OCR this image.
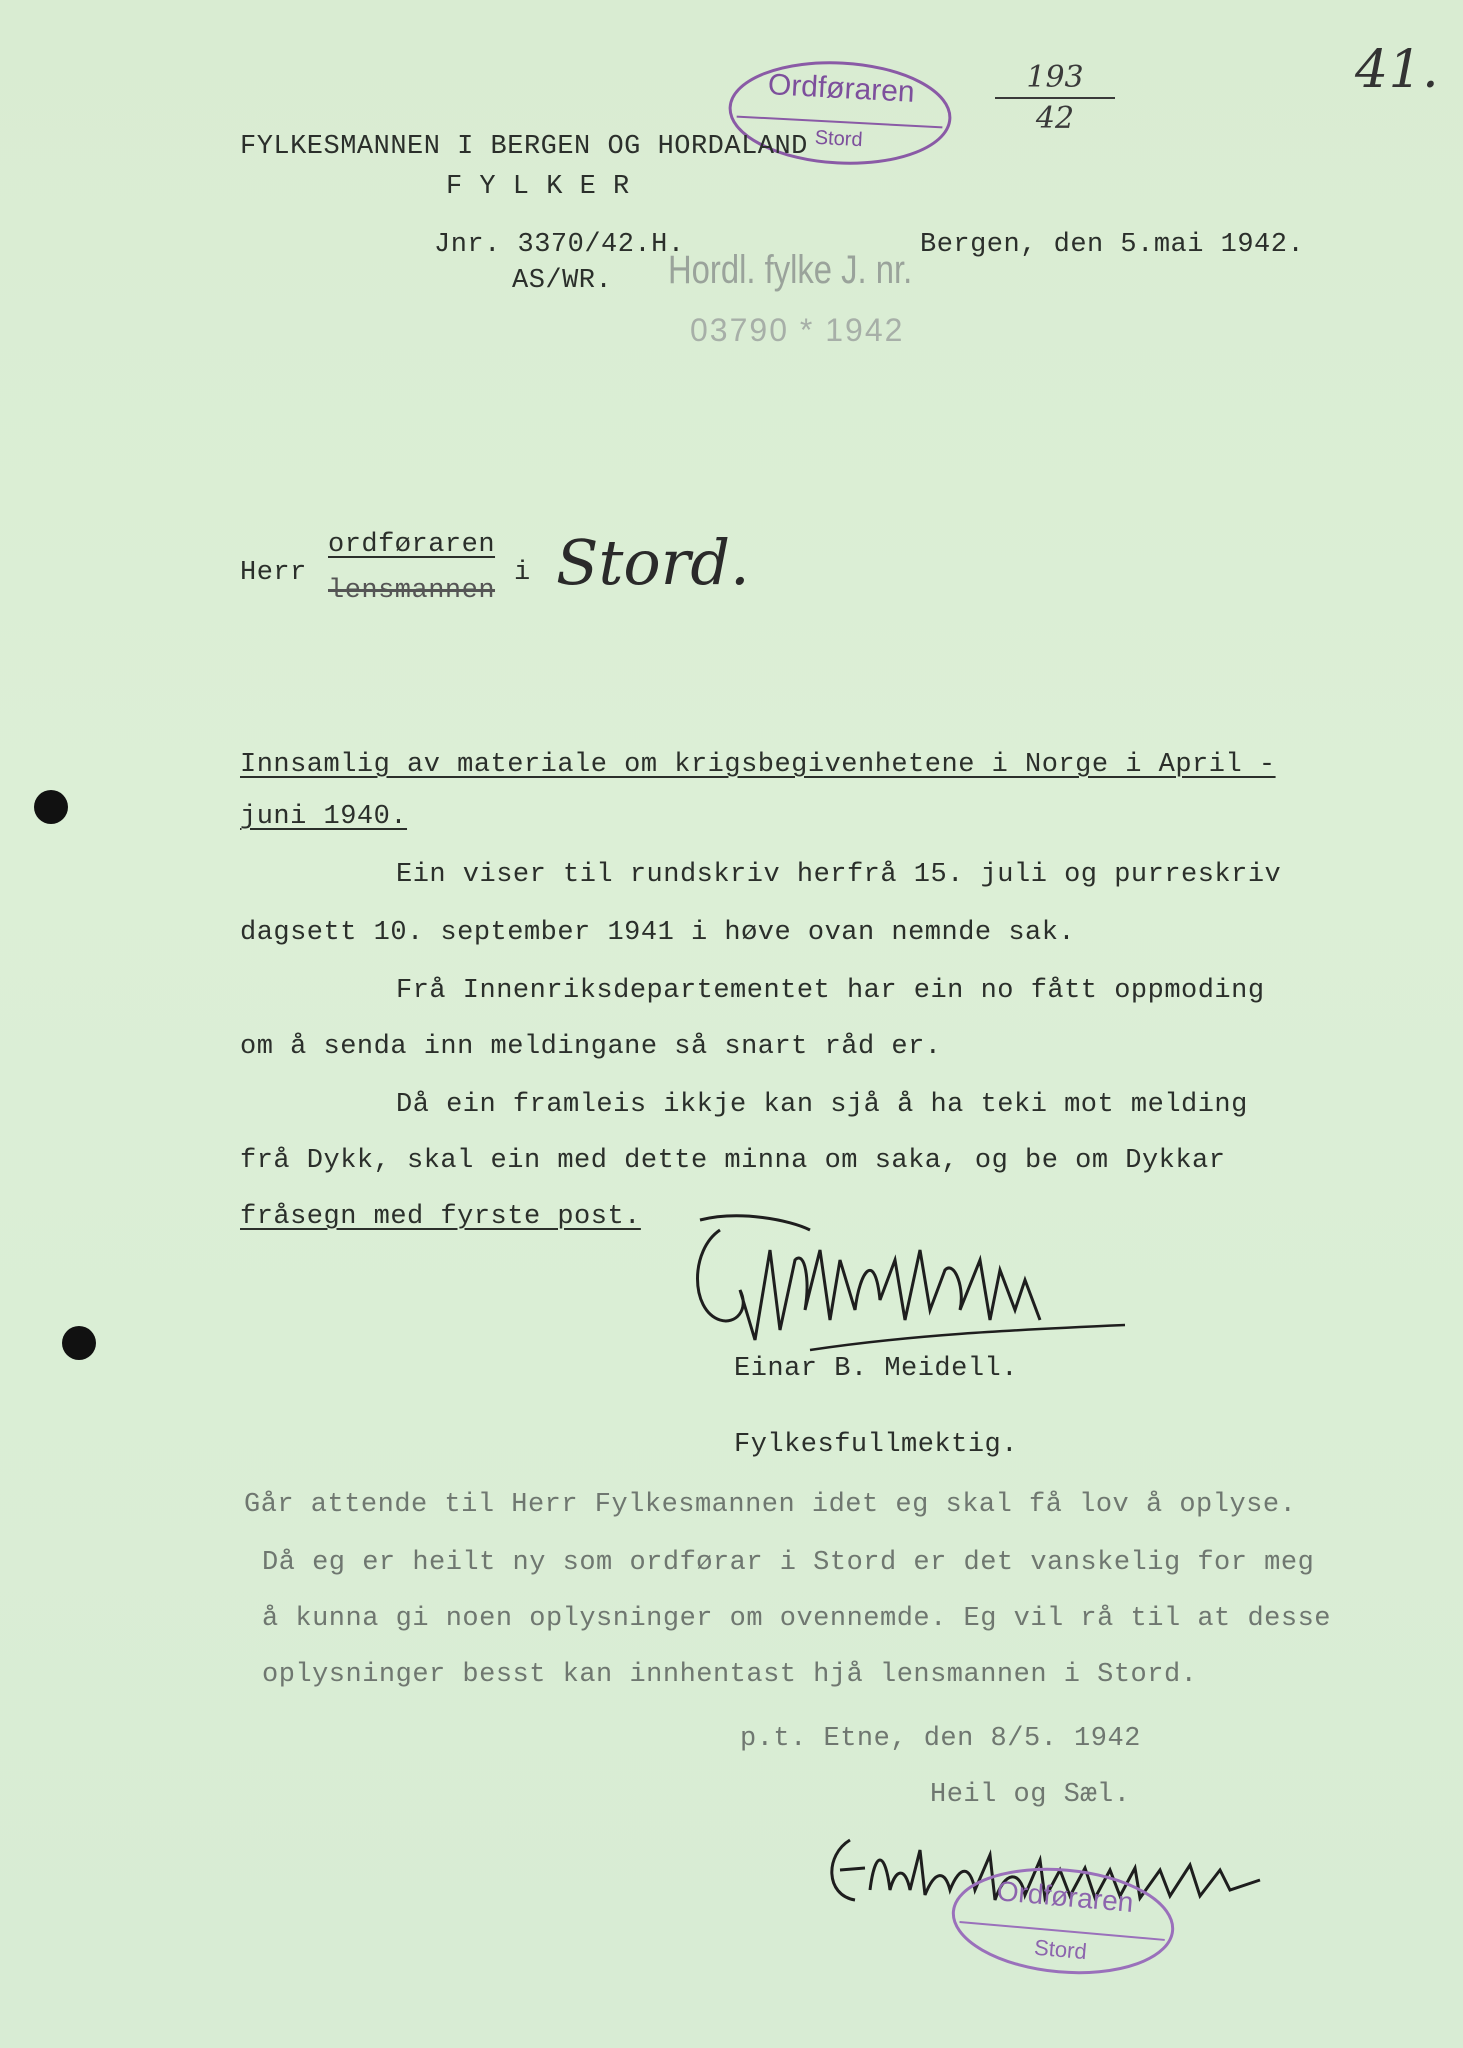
41.
193
42
Ordføraren
Stord
FYLKESMANNEN I BERGEN OG HORDALAND
F Y L K E R
Jnr. 3370/42.H.
AS/WR.
Bergen, den 5.mai 1942.
Hordl. fylke J. nr.
03790 * 1942
Herr
ordføraren
lensmannen
i Stord.
Innsamlig av materiale om krigsbegivenhetene i Norge i April -
juni 1940.
Ein viser til rundskriv herfrå 15. juli og purreskriv
dagsett 10. september 1941 i høve ovan nemnde sak.
Frå Innenriksdepartementet har ein no fått oppmoding
om å senda inn meldingane så snart råd er.
Då ein framleis ikkje kan sjå å ha teki mot melding
frå Dykk, skal ein med dette minna om saka, og be om Dykkar
fråsegn med fyrste post.
Einar B. Meidell.
Fylkesfullmektig.
Går attende til Herr Fylkesmannen idet eg skal få lov å oplyse.
Då eg er heilt ny som ordførar i Stord er det vanskelig for meg
å kunna gi noen oplysninger om ovennemde. Eg vil rå til at desse
oplysninger besst kan innhentast hjå lensmannen i Stord.
p.t. Etne, den 8/5. 1942
Heil og Sæl.
Ordføraren
Stord
